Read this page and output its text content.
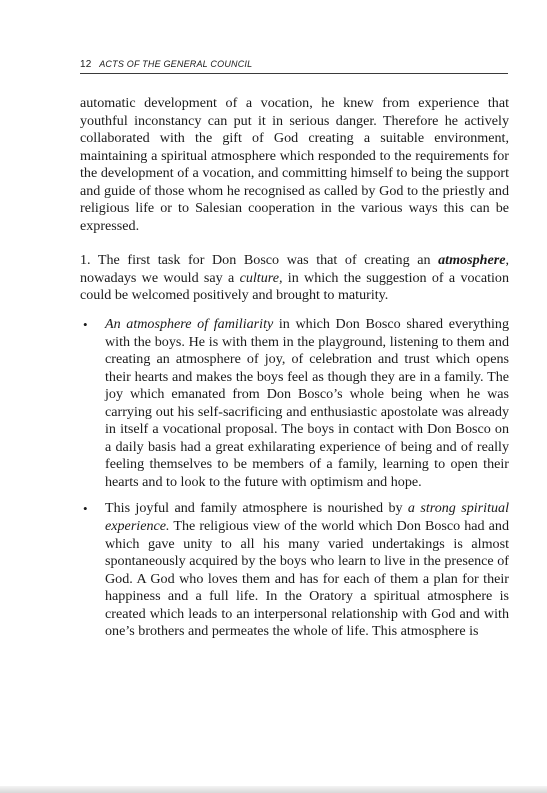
12 ACTS OF THE GENERAL COUNCIL

automatic development of a vocation, he knew from experience that youthful inconstancy can put it in serious danger. Therefore he actively collaborated with the gift of God creating a suitable environment, maintaining a spiritual atmosphere which responded to the requirements for the development of a vocation, and committing himself to being the support and guide of those whom he recognised as called by God to the priestly and religious life or to Salesian cooperation in the various ways this can be expressed.

1. The first task for Don Bosco was that of creating an atmosphere, nowadays we would say a culture, in which the suggestion of a vocation could be welcomed positively and brought to maturity.

• An atmosphere of familiarity in which Don Bosco shared everything with the boys. He is with them in the playground, listening to them and creating an atmosphere of joy, of celebration and trust which opens their hearts and makes the boys feel as though they are in a family. The joy which emanated from Don Bosco’s whole being when he was carrying out his self-sacrificing and enthusiastic apostolate was already in itself a vocational proposal. The boys in contact with Don Bosco on a daily basis had a great exhilarating experience of being and of really feeling themselves to be members of a family, learning to open their hearts and to look to the future with optimism and hope.

• This joyful and family atmosphere is nourished by a strong spiritual experience. The religious view of the world which Don Bosco had and which gave unity to all his many varied undertakings is almost spontaneously acquired by the boys who learn to live in the presence of God. A God who loves them and has for each of them a plan for their happiness and a full life. In the Oratory a spiritual atmosphere is created which leads to an interpersonal relationship with God and with one’s brothers and permeates the whole of life. This atmosphere is
